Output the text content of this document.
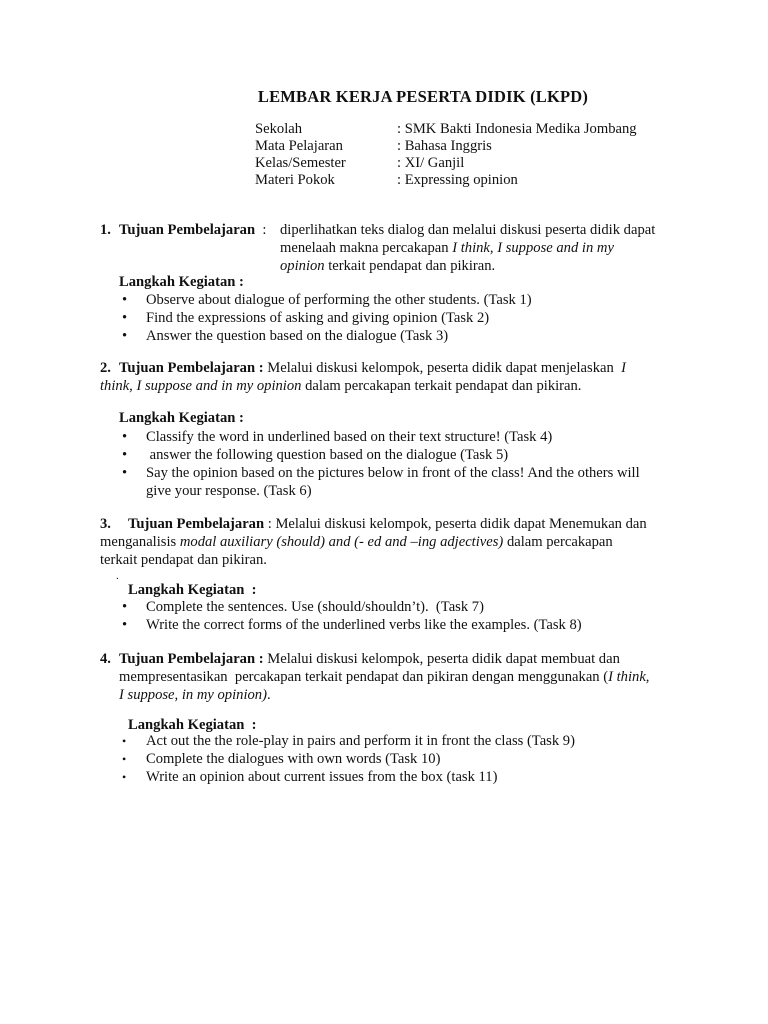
LEMBAR KERJA PESERTA DIDIK (LKPD)
Sekolah	: SMK Bakti Indonesia Medika Jombang
Mata Pelajaran	: Bahasa Inggris
Kelas/Semester	: XI/ Ganjil
Materi Pokok	: Expressing opinion
1. Tujuan Pembelajaran  : diperlihatkan teks dialog dan melalui diskusi peserta didik dapat
menelaah makna percakapan I think, I suppose and in my
opinion terkait pendapat dan pikiran.
Langkah Kegiatan :
• Observe about dialogue of performing the other students. (Task 1)
• Find the expressions of asking and giving opinion (Task 2)
• Answer the question based on the dialogue (Task 3)
2. Tujuan Pembelajaran : Melalui diskusi kelompok, peserta didik dapat menjelaskan  I
think, I suppose and in my opinion dalam percakapan terkait pendapat dan pikiran.
Langkah Kegiatan :
• Classify the word in underlined based on their text structure! (Task 4)
• answer the following question based on the dialogue (Task 5)
• Say the opinion based on the pictures below in front of the class! And the others will
give your response. (Task 6)
3. Tujuan Pembelajaran : Melalui diskusi kelompok, peserta didik dapat Menemukan dan
menganalisis modal auxiliary (should) and (- ed and –ing adjectives) dalam percakapan
terkait pendapat dan pikiran.
.
Langkah Kegiatan  :
• Complete the sentences. Use (should/shouldn’t).  (Task 7)
• Write the correct forms of the underlined verbs like the examples. (Task 8)
4. Tujuan Pembelajaran : Melalui diskusi kelompok, peserta didik dapat membuat dan
mempresentasikan  percakapan terkait pendapat dan pikiran dengan menggunakan (I think,
I suppose, in my opinion).
Langkah Kegiatan  :
• Act out the the role-play in pairs and perform it in front the class (Task 9)
• Complete the dialogues with own words (Task 10)
• Write an opinion about current issues from the box (task 11)
